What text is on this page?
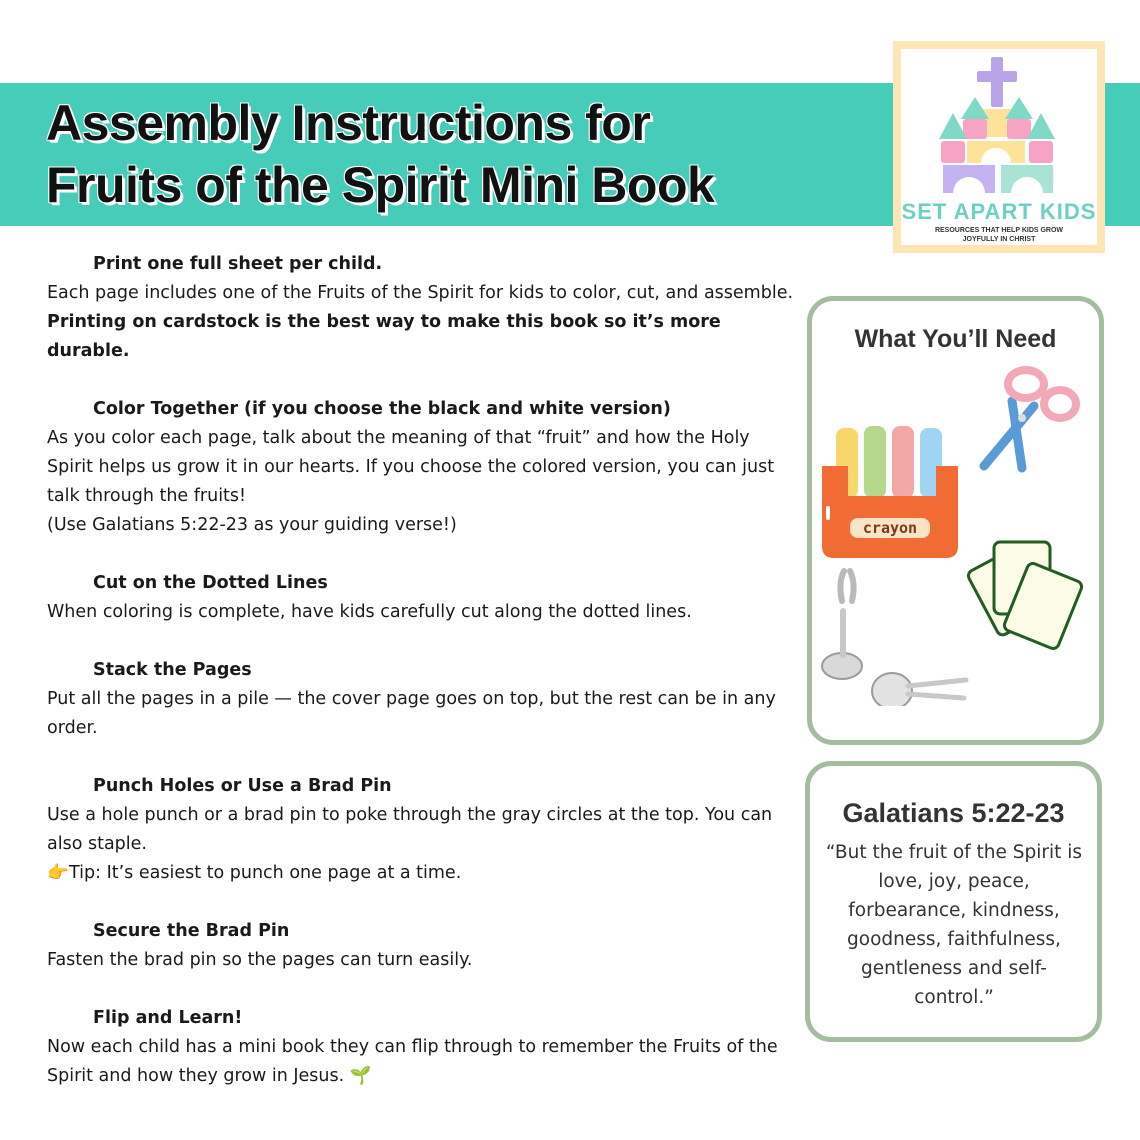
Assembly Instructions for
Fruits of the Spirit Mini Book	SET APART KIDS
RESOURCES THAT HELP KIDS GROW JOYFULLY IN CHRIST
Print one full sheet per child.

Each page includes one of the Fruits of the Spirit for kids to color, cut, and assemble.

Printing on cardstock is the best way to make this book so it’s more durable.

Color Together (if you choose the black and white version)

As you color each page, talk about the meaning of that “fruit” and how the Holy Spirit helps us grow it in our hearts. If you choose the colored version, you can just talk through the fruits!

(Use Galatians 5:22-23 as your guiding verse!)

Cut on the Dotted Lines

When coloring is complete, have kids carefully cut along the dotted lines.

Stack the Pages

Put all the pages in a pile — the cover page goes on top, but the rest can be in any order.

Punch Holes or Use a Brad Pin

Use a hole punch or a brad pin to poke through the gray circles at the top. You can also staple.

👉Tip: It’s easiest to punch one page at a time.

Secure the Brad Pin

Fasten the brad pin so the pages can turn easily.

Flip and Learn!

Now each child has a mini book they can flip through to remember the Fruits of the Spirit and how they grow in Jesus. 🌱

What You’ll Need
crayon
Galatians 5:22-23
“But the fruit of the Spirit is love, joy, peace, forbearance, kindness, goodness, faithfulness, gentleness and self-control.”
